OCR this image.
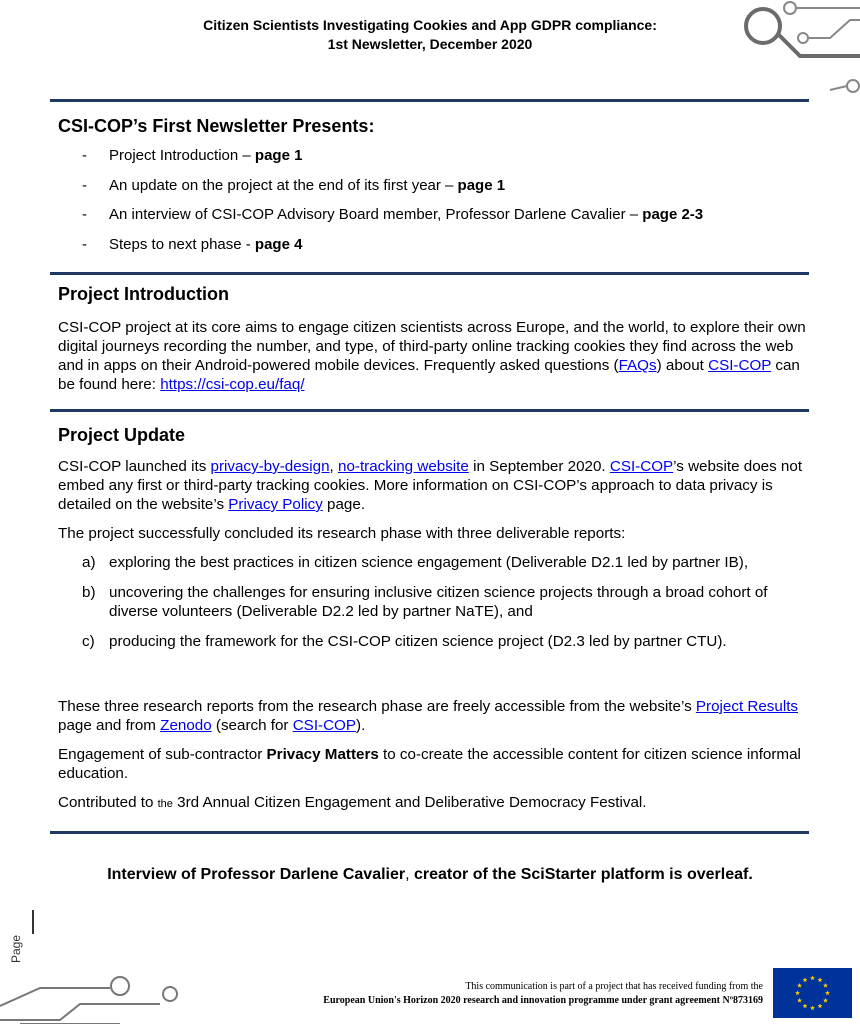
Citizen Scientists Investigating Cookies and App GDPR compliance:
1st Newsletter, December 2020
CSI-COP’s First Newsletter Presents:
- Project Introduction – page 1
- An update on the project at the end of its first year – page 1
- An interview of CSI-COP Advisory Board member, Professor Darlene Cavalier – page 2-3
- Steps to next phase - page 4
Project Introduction

CSI-COP project at its core aims to engage citizen scientists across Europe, and the world, to explore their own digital journeys recording the number, and type, of third-party online tracking cookies they find across the web and in apps on their Android-powered mobile devices. Frequently asked questions (FAQs) about CSI-COP can be found here: https://csi-cop.eu/faq/

Project Update

CSI-COP launched its privacy-by-design, no-tracking website in September 2020. CSI-COP’s website does not embed any first or third-party tracking cookies. More information on CSI-COP’s approach to data privacy is detailed on the website’s Privacy Policy page.

The project successfully concluded its research phase with three deliverable reports:

a) exploring the best practices in citizen science engagement (Deliverable D2.1 led by partner IB),
b) uncovering the challenges for ensuring inclusive citizen science projects through a broad cohort of diverse volunteers (Deliverable D2.2 led by partner NaTE), and
c) producing the framework for the CSI-COP citizen science project (D2.3 led by partner CTU).

These three research reports from the research phase are freely accessible from the website’s Project Results page and from Zenodo (search for CSI-COP).

Engagement of sub-contractor Privacy Matters to co-create the accessible content for citizen science informal education.

Contributed to the 3rd Annual Citizen Engagement and Deliberative Democracy Festival.

Interview of Professor Darlene Cavalier, creator of the SciStarter platform is overleaf.
Page
This communication is part of a project that has received funding from the
European Union's Horizon 2020 research and innovation programme under grant agreement Nº873169
